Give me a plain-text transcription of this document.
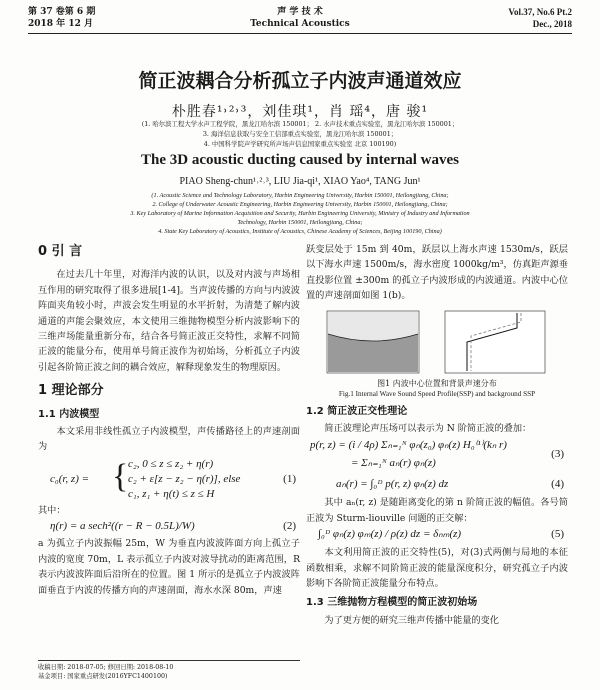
第 37 卷第 6 期
2018 年 12 月
声 学 技 术
Technical Acoustics
Vol.37, No.6 Pt.2
Dec., 2018
简正波耦合分析孤立子内波声通道效应
朴胜春¹˒²˒³，刘佳琪¹，肖 瑶⁴，唐 骏¹
(1. 哈尔滨工程大学水声工程学院，黑龙江哈尔滨 150001； 2. 水声技术重点实验室，黑龙江哈尔滨 150001；
3. 海洋信息获取与安全工信部重点实验室，黑龙江哈尔滨 150001；
4. 中国科学院声学研究所声场声信息国家重点实验室 北京 100190)
The 3D acoustic ducting caused by internal waves
PIAO Sheng-chun¹˒²˒³, LIU Jia-qi¹, XIAO Yao⁴, TANG Jun¹
(1. Acoustic Science and Technology Laboratory, Harbin Engineering University, Harbin 150001, Heilongjiang, China;
2. College of Underwater Acoustic Engineering, Harbin Engineering University, Harbin 150001, Heilongjiang, China;
3. Key Laboratory of Marine Information Acquisition and Security, Harbin Engineering University, Ministry of Industry and Information
Technology, Harbin 150001, Heilongjiang, China;
4. State Key Laboratory of Acoustics, Institute of Acoustics, Chinese Academy of Sciences, Beijing 100190, China)
0 引 言

在过去几十年里，对海洋内波的认识，以及对内波与声场相互作用的研究取得了很多进展[1-4]。当声波传播的方向与内波波阵面夹角较小时，声波会发生明显的水平折射，为清楚了解内波通道的声能会聚效应，本文使用三维抛物模型分析内波影响下的三维声场能量重新分布，结合各号简正波正交特性，求解不同简正波的能量分布，使用单号简正波作为初始场，分析孤立子内波引起各阶简正波之间的耦合效应，解释现象发生的物理原因。

1 理论部分
1.1 内波模型

本文采用非线性孤立子内波模型，声传播路径上的声速剖面为

c₀(r, z) = { c₂, 0 ≤ z ≤ z₂ + η(r)
c₂ + ε[z − z₂ − η(r)], else
c₁, z₁ + η(t) ≤ z ≤ H
(1)
其中：
η(r) = a sech²((r − R − 0.5L)/W)	(2)

a 为孤立子内波振幅 25m，W 为垂直内波波阵面方向上孤立子内波的宽度 70m，L 表示孤立子内波对波导扰动的距离范围，R 表示内波波阵面后沿所在的位置。图 1 所示的是孤立子内波波阵面垂直于内波的传播方向的声速剖面，海水水深 80m，声速

跃变层处于 15m 到 40m，跃层以上海水声速 1530m/s，跃层以下海水声速 1500m/s，海水密度 1000kg/m³，仿真距声源垂直投影位置 ±300m 的孤立子内波形成的内波通道。内波中心位置的声速剖面如图 1(b)。

图1 内波中心位置和背景声速分布
Fig.1 Internal Wave Sound Speed Profile(SSP) and background SSP
1.2 简正波正交性理论

简正波理论声压场可以表示为 N 阶简正波的叠加：

p(r, z) = (i / 4ρ) Σₙ₌₁ᴺ φₙ(z₀) φₙ(z) H₀⁽¹⁾(kₙ r)
= Σₙ₌₁ᴺ aₙ(r) φₙ(z)
(3)
aₙ(r) = ∫₀ᴰ p(r, z) φₙ(z) dz	(4)

其中 aₙ(r, z) 是随距离变化的第 n 阶简正波的幅值。各号简正波为 Sturm-liouville 问题的正交解：

∫₀ᴰ φₙ(z) φₘ(z) / ρ(z) dz = δₙₘ(z)	(5)

本文利用简正波的正交特性(5)，对(3)式两侧与局地的本征函数相乘，求解不同阶简正波的能量深度积分，研究孤立子内波影响下各阶简正波能量分布特点。

1.3 三维抛物方程模型的简正波初始场

为了更方便的研究三维声传播中能量的变化

收稿日期: 2018-07-05; 修回日期: 2018-08-10
基金项目: 国家重点研发(2016YFC1400100)
